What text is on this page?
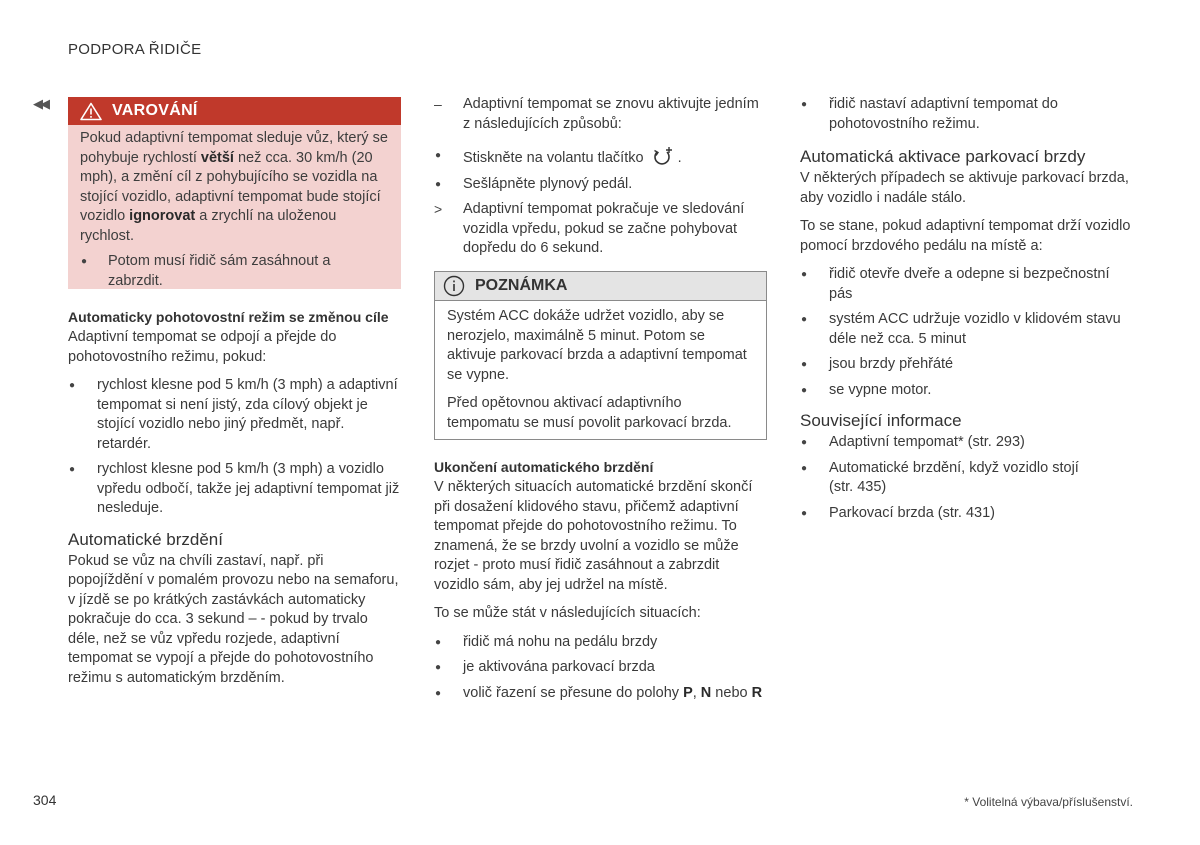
PODPORA ŘIDIČE
◀◀	VAROVÁNÍ

Pokud adaptivní tempomat sleduje vůz, který se pohybuje rychlostí větší než cca. 30 km/h (20 mph), a změní cíl z pohybujícího se vozidla na stojící vozidlo, adaptivní tempomat bude stojící vozidlo ignorovat a zrychlí na uloženou rychlost.

● Potom musí řidič sám zasáhnout a zabrzdit.
Automaticky pohotovostní režim se změnou cíle

Adaptivní tempomat se odpojí a přejde do pohotovostního režimu, pokud:

● rychlost klesne pod 5 km/h (3 mph) a adaptivní tempomat si není jistý, zda cílový objekt je stojící vozidlo nebo jiný předmět, např. retardér.
● rychlost klesne pod 5 km/h (3 mph) a vozidlo vpředu odbočí, takže jej adaptivní tempomat již nesleduje.
Automatické brzdění

Pokud se vůz na chvíli zastaví, např. při popojíždění v pomalém provozu nebo na semaforu, v jízdě se po krátkých zastávkách automaticky pokračuje do cca. 3 sekund – - pokud by trvalo déle, než se vůz vpředu rozjede, adaptivní tempomat se vypojí a přejde do pohotovostního režimu s automatickým brzděním.

– Adaptivní tempomat se znovu aktivujte jedním z následujících způsobů:
● Stiskněte na volantu tlačítko  .
● Sešlápněte plynový pedál.
> Adaptivní tempomat pokračuje ve sledování vozidla vpředu, pokud se začne pohybovat dopředu do 6 sekund.
POZNÁMKA

Systém ACC dokáže udržet vozidlo, aby se nerozjelo, maximálně 5 minut. Potom se aktivuje parkovací brzda a adaptivní tempomat se vypne.

Před opětovnou aktivací adaptivního tempomatu se musí povolit parkovací brzda.

Ukončení automatického brzdění

V některých situacích automatické brzdění skončí při dosažení klidového stavu, přičemž adaptivní tempomat přejde do pohotovostního režimu. To znamená, že se brzdy uvolní a vozidlo se může rozjet - proto musí řidič zasáhnout a zabrzdit vozidlo sám, aby jej udržel na místě.

To se může stát v následujících situacích:

● řidič má nohu na pedálu brzdy
● je aktivována parkovací brzda
● volič řazení se přesune do polohy P, N nebo R
● řidič nastaví adaptivní tempomat do pohotovostního režimu.
Automatická aktivace parkovací brzdy

V některých případech se aktivuje parkovací brzda, aby vozidlo i nadále stálo.

To se stane, pokud adaptivní tempomat drží vozidlo pomocí brzdového pedálu na místě a:

● řidič otevře dveře a odepne si bezpečnostní pás
● systém ACC udržuje vozidlo v klidovém stavu déle než cca. 5 minut
● jsou brzdy přehřáté
● se vypne motor.
Související informace
● Adaptivní tempomat* (str. 293)
● Automatické brzdění, když vozidlo stojí (str. 435)
● Parkovací brzda (str. 431)
304	* Volitelná výbava/příslušenství.
